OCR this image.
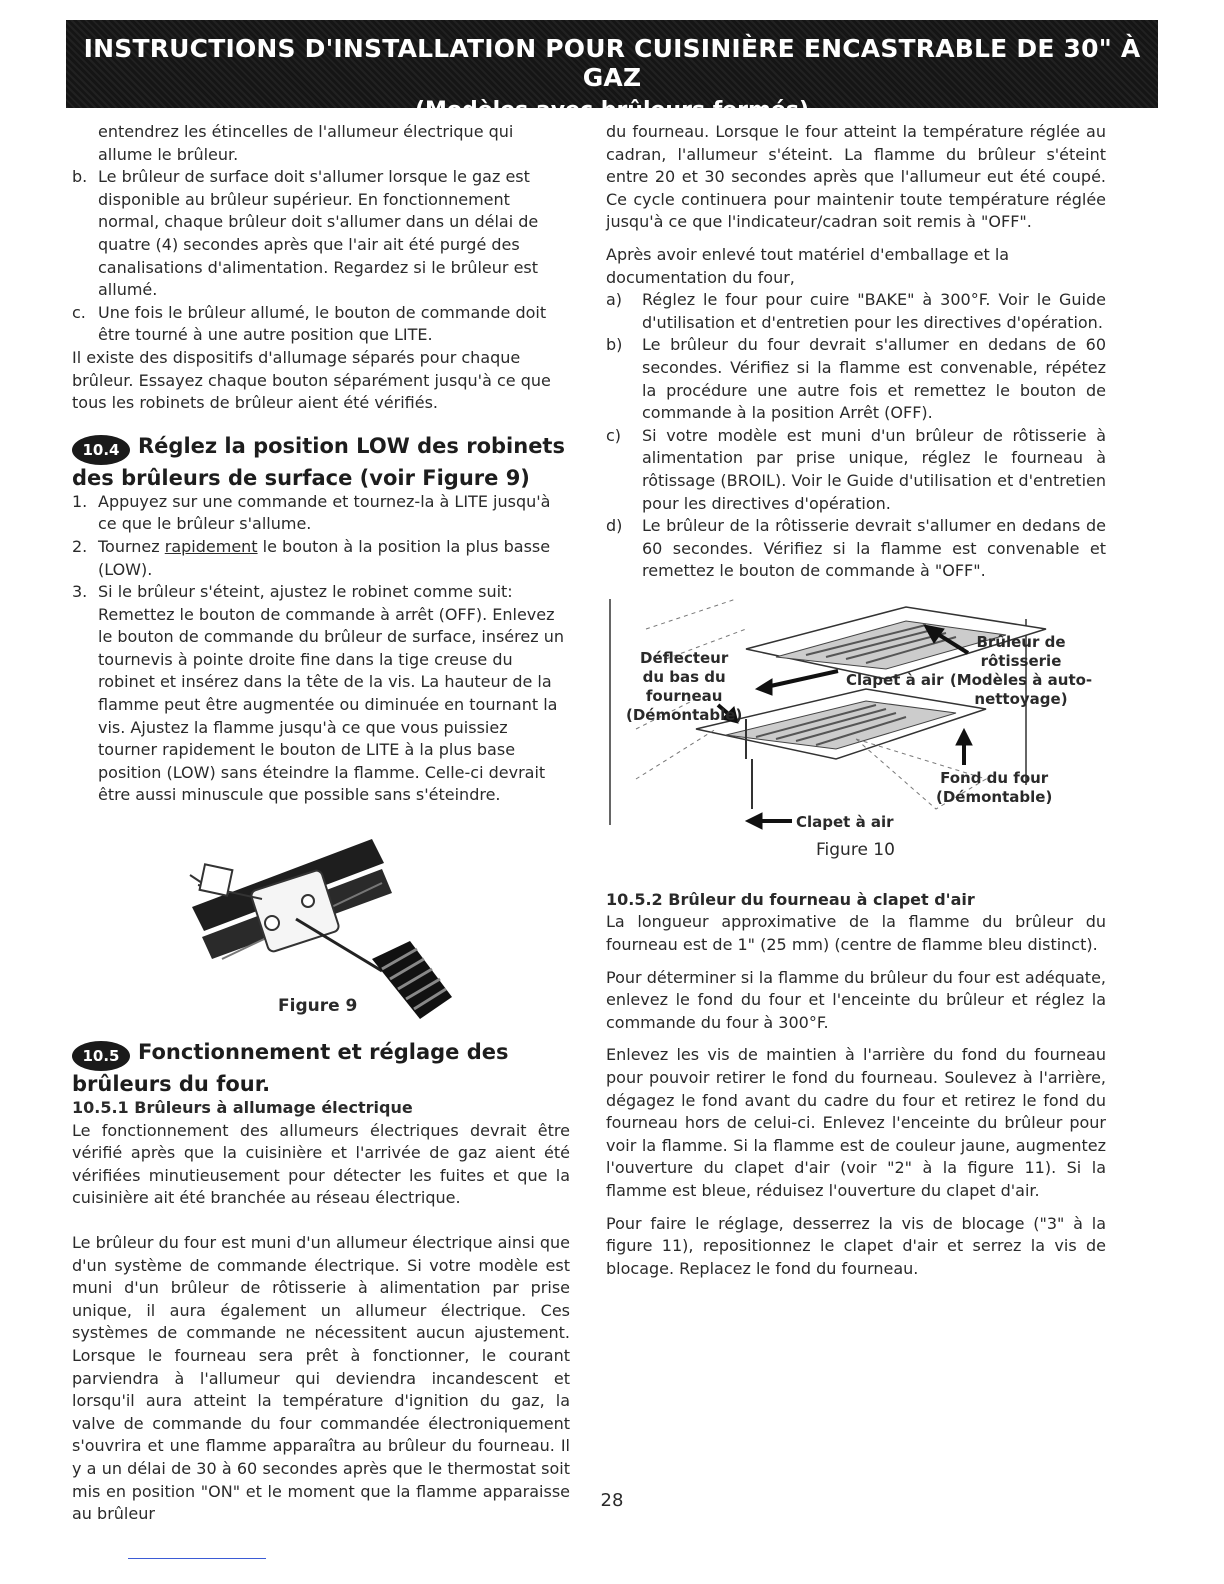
INSTRUCTIONS D'INSTALLATION POUR CUISINIÈRE ENCASTRABLE DE 30" À GAZ
(Modèles avec brûleurs fermés)

entendrez les étincelles de l'allumeur électrique qui allume le brûleur.

b. Le brûleur de surface doit s'allumer lorsque le gaz est disponible au brûleur supérieur. En fonctionnement normal, chaque brûleur doit s'allumer dans un délai de quatre (4) secondes après que l'air ait été purgé des canalisations d'alimentation. Regardez si le brûleur est allumé.

c. Une fois le brûleur allumé, le bouton de commande doit être tourné à une autre position que LITE.

Il existe des dispositifs d'allumage séparés pour chaque brûleur. Essayez chaque bouton séparément jusqu'à ce que tous les robinets de brûleur aient été vérifiés.

10.4 Réglez la position LOW des robinets
des brûleurs de surface (voir Figure 9)

1. Appuyez sur une commande et tournez-la à LITE jusqu'à ce que le brûleur s'allume.

2. Tournez rapidement le bouton à la position la plus basse (LOW).

3. Si le brûleur s'éteint, ajustez le robinet comme suit: Remettez le bouton de commande à arrêt (OFF). Enlevez le bouton de commande du brûleur de surface, insérez un tournevis à pointe droite fine dans la tige creuse du robinet et insérez dans la tête de la vis. La hauteur de la flamme peut être augmentée ou diminuée en tournant la vis. Ajustez la flamme jusqu'à ce que vous puissiez tourner rapidement le bouton de LITE à la plus base position (LOW) sans éteindre la flamme. Celle-ci devrait être aussi minuscule que possible sans s'éteindre.

Figure 9
10.5 Fonctionnement et réglage des
brûleurs du four.
10.5.1 Brûleurs à allumage électrique

Le fonctionnement des allumeurs électriques devrait être vérifié après que la cuisinière et l'arrivée de gaz aient été vérifiées minutieusement pour détecter les fuites et que la cuisinière ait été branchée au réseau électrique.

Le brûleur du four est muni d'un allumeur électrique ainsi que d'un système de commande électrique. Si votre modèle est muni d'un brûleur de rôtisserie à alimentation par prise unique, il aura également un allumeur électrique. Ces systèmes de commande ne nécessitent aucun ajustement. Lorsque le fourneau sera prêt à fonctionner, le courant parviendra à l'allumeur qui deviendra incandescent et lorsqu'il aura atteint la température d'ignition du gaz, la valve de commande du four commandée électroniquement s'ouvrira et une flamme apparaîtra au brûleur du fourneau. Il y a un délai de 30 à 60 secondes après que le thermostat soit mis en position "ON" et le moment que la flamme apparaisse au brûleur

du fourneau. Lorsque le four atteint la température réglée au cadran, l'allumeur s'éteint. La flamme du brûleur s'éteint entre 20 et 30 secondes après que l'allumeur eut été coupé. Ce cycle continuera pour maintenir toute température réglée jusqu'à ce que l'indicateur/cadran soit remis à "OFF".

Après avoir enlevé tout matériel d'emballage et la documentation du four,

a) Réglez le four pour cuire "BAKE" à 300°F. Voir le Guide d'utilisation et d'entretien pour les directives d'opération.

b) Le brûleur du four devrait s'allumer en dedans de 60 secondes. Vérifiez si la flamme est convenable, répétez la procédure une autre fois et remettez le bouton de commande à la position Arrêt (OFF).

c) Si votre modèle est muni d'un brûleur de rôtisserie à alimentation par prise unique, réglez le fourneau à rôtissage (BROIL). Voir le Guide d'utilisation et d'entretien pour les directives d'opération.

d) Le brûleur de la rôtisserie devrait s'allumer en dedans de 60 secondes. Vérifiez si la flamme est convenable et remettez le bouton de commande à "OFF".

Déflecteur
du bas du
fourneau
(Démontable)
Clapet à air
Brûleur de rôtisserie
(Modèles à auto-
nettoyage)
Fond du four
(Démontable)
Clapet à air
Figure 10
10.5.2 Brûleur du fourneau à clapet d'air

La longueur approximative de la flamme du brûleur du fourneau est de 1" (25 mm) (centre de flamme bleu distinct).

Pour déterminer si la flamme du brûleur du four est adéquate, enlevez le fond du four et l'enceinte du brûleur et réglez la commande du four à 300°F.

Enlevez les vis de maintien à l'arrière du fond du fourneau pour pouvoir retirer le fond du fourneau. Soulevez à l'arrière, dégagez le fond avant du cadre du four et retirez le fond du fourneau hors de celui-ci. Enlevez l'enceinte du brûleur pour voir la flamme. Si la flamme est de couleur jaune, augmentez l'ouverture du clapet d'air (voir "2" à la figure 11). Si la flamme est bleue, réduisez l'ouverture du clapet d'air.

Pour faire le réglage, desserrez la vis de blocage ("3" à la figure 11), repositionnez le clapet d'air et serrez la vis de blocage. Replacez le fond du fourneau.

28
